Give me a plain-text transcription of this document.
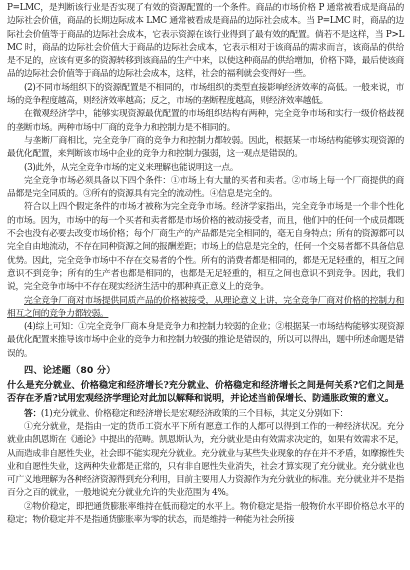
P=LMC，是判断该行业是否实现了有效的资源配置的一个条件。商品的市场价格 P 通常被看成是商品的边际社会价值，商品的长期边际成本 LMC 通常被看成是商品的边际社会成本。当 P=LMC 时，商品的边际社会价值等于商品的边际社会成本，它表示资源在该行业得到了最有效的配置。倘若不是这样，当 P>LMC 时，商品的边际社会价值大于商品的边际社会成本，它表示相对于该商品的需求而言，该商品的供给是不足的，应该有更多的资源转移到该商品的生产中来，以使这种商品的供给增加，价格下降，最后使该商品的边际社会价值等于商品的边际社会成本，这样，社会的福利就会变得好一些。

(2)不同市场组织下的资源配置是不相同的，市场组织的类型直接影响经济效率的高低。一般来说，市场的竞争程度越高，则经济效率越高；反之，市场的垄断程度越高，则经济效率越低。

在微观经济学中，能够实现资源最优配置的市场组织结构有两种，完全竞争市场和实行一级价格歧视的垄断市场。两种市场中厂商的竞争力和控制力是不相同的。

与垄断厂商相比，完全竞争厂商的竞争力和控制力都较弱。因此，根据某一市场结构能够实现资源的最优化配置，来判断该市场中企业的竞争力和控制力强弱，这一观点是错误的。

(3)此外，从完全竞争市场的定义来理解也能说明这一点。

完全竞争市场必须具备以下四个条件：①市场上有大量的买者和卖者。②市场上每一个厂商提供的商品都是完全同质的。③所有的资源具有完全的流动性。④信息是完全的。

符合以上四个假定条件的市场才被称为完全竞争市场。经济学家指出，完全竞争市场是一个非个性化的市场。因为，市场中的每一个买者和卖者都是市场价格的被动接受者，而且，他们中的任何一个成员都既不会也没有必要去改变市场价格；每个厂商生产的产品都是完全相同的，毫无自身特点；所有的资源都可以完全自由地流动，不存在同种资源之间的报酬差距；市场上的信息是完全的，任何一个交易者都不具备信息优势。因此，完全竞争市场中不存在交易者的个性。所有的消费者都是相同的，都是无足轻重的，相互之间意识不到竞争；所有的生产者也都是相同的，也都是无足轻重的，相互之间也意识不到竞争。因此，我们说，完全竞争市场中不存在现实经济生活中的那种真正意义上的竞争。

完全竞争厂商对市场提供同质产品的价格被接受，从理论意义上讲，完全竞争厂商对价格的控制力和相互之间的竞争力都较弱。

(4)综上可知：①完全竞争厂商本身是竞争力和控制力较弱的企业；②根据某一市场结构能够实现资源最优化配置来推导该市场中企业的竞争力和控制力较强的推论是错误的，所以可以得出，题中所述命题是错误的。

四、论述题（80 分）

什么是充分就业、价格稳定和经济增长?充分就业、价格稳定和经济增长之间是何关系?它们之间是否存在矛盾?试用宏观经济学理论对此加以解释和说明，并论述当前保增长、防通胀政策的意义。

答：(1)充分就业、价格稳定和经济增长是宏观经济政策的三个目标，其定义分别如下：

①充分就业，是指由一定的货币工资水平下所有愿意工作的人都可以得到工作的一种经济状况。充分就业由凯恩斯在《通论》中提出的范畴。凯恩斯认为，充分就业是由有效需求决定的，如果有效需求不足，从而造成非自愿性失业，社会即不能实现充分就业。充分就业与某些失业现象的存在并不矛盾，如摩擦性失业和自愿性失业，这两种失业都是正常的，只有非自愿性失业消失，社会才算实现了充分就业。充分就业也可广义地理解为各种经济资源得到充分利用，目前主要用人力资源作为充分就业的标准。充分就业并不是指百分之百的就业，一般地说充分就业允许的失业范围为 4%。

②物价稳定，即把通货膨胀率维持在低而稳定的水平上。物价稳定是指一般物价水平即价格总水平的稳定；物价稳定并不是指通货膨胀率为零的状态，而是维持一种能为社会所接
